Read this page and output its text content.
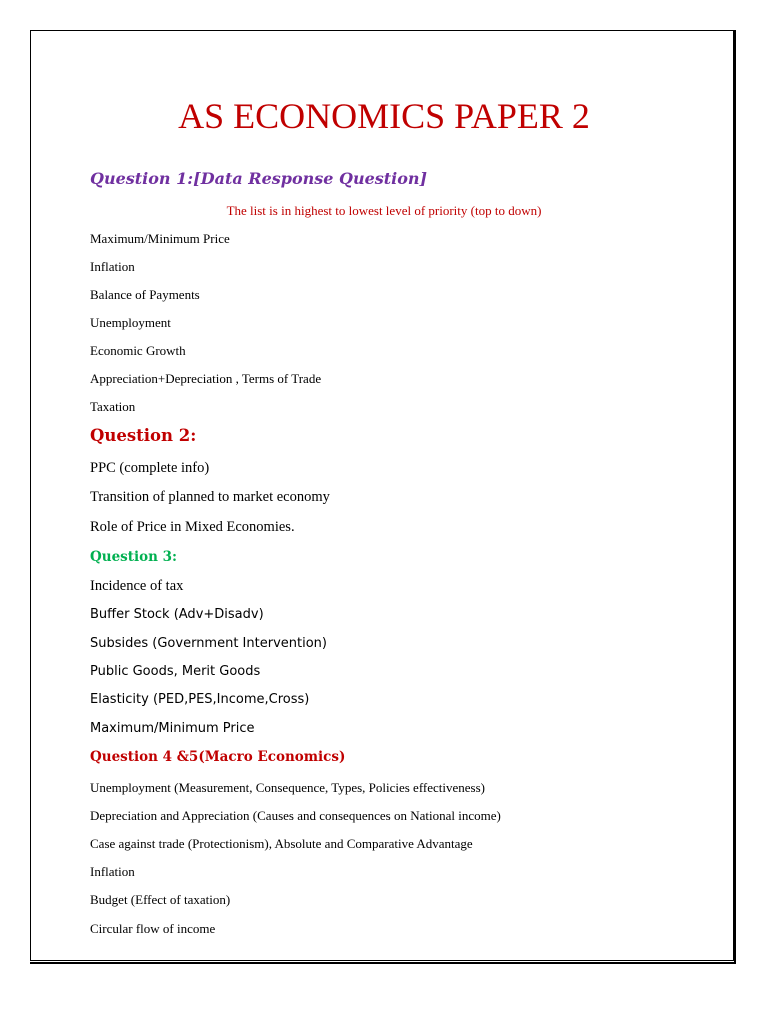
AS ECONOMICS PAPER 2
Question 1:[Data Response Question]
The list is in highest to lowest level of priority (top to down)

Maximum/Minimum Price

Inflation

Balance of Payments

Unemployment

Economic Growth

Appreciation+Depreciation , Terms of Trade

Taxation

Question 2:

PPC (complete info)

Transition of planned to market economy

Role of Price in Mixed Economies.

Question 3:

Incidence of tax

Buffer Stock (Adv+Disadv)

Subsides (Government Intervention)

Public Goods, Merit Goods

Elasticity (PED,PES,Income,Cross)

Maximum/Minimum Price

Question 4 &5(Macro Economics)

Unemployment (Measurement, Consequence, Types, Policies effectiveness)

Depreciation and Appreciation (Causes and consequences on National income)

Case against trade (Protectionism), Absolute and Comparative Advantage

Inflation

Budget (Effect of taxation)

Circular flow of income
